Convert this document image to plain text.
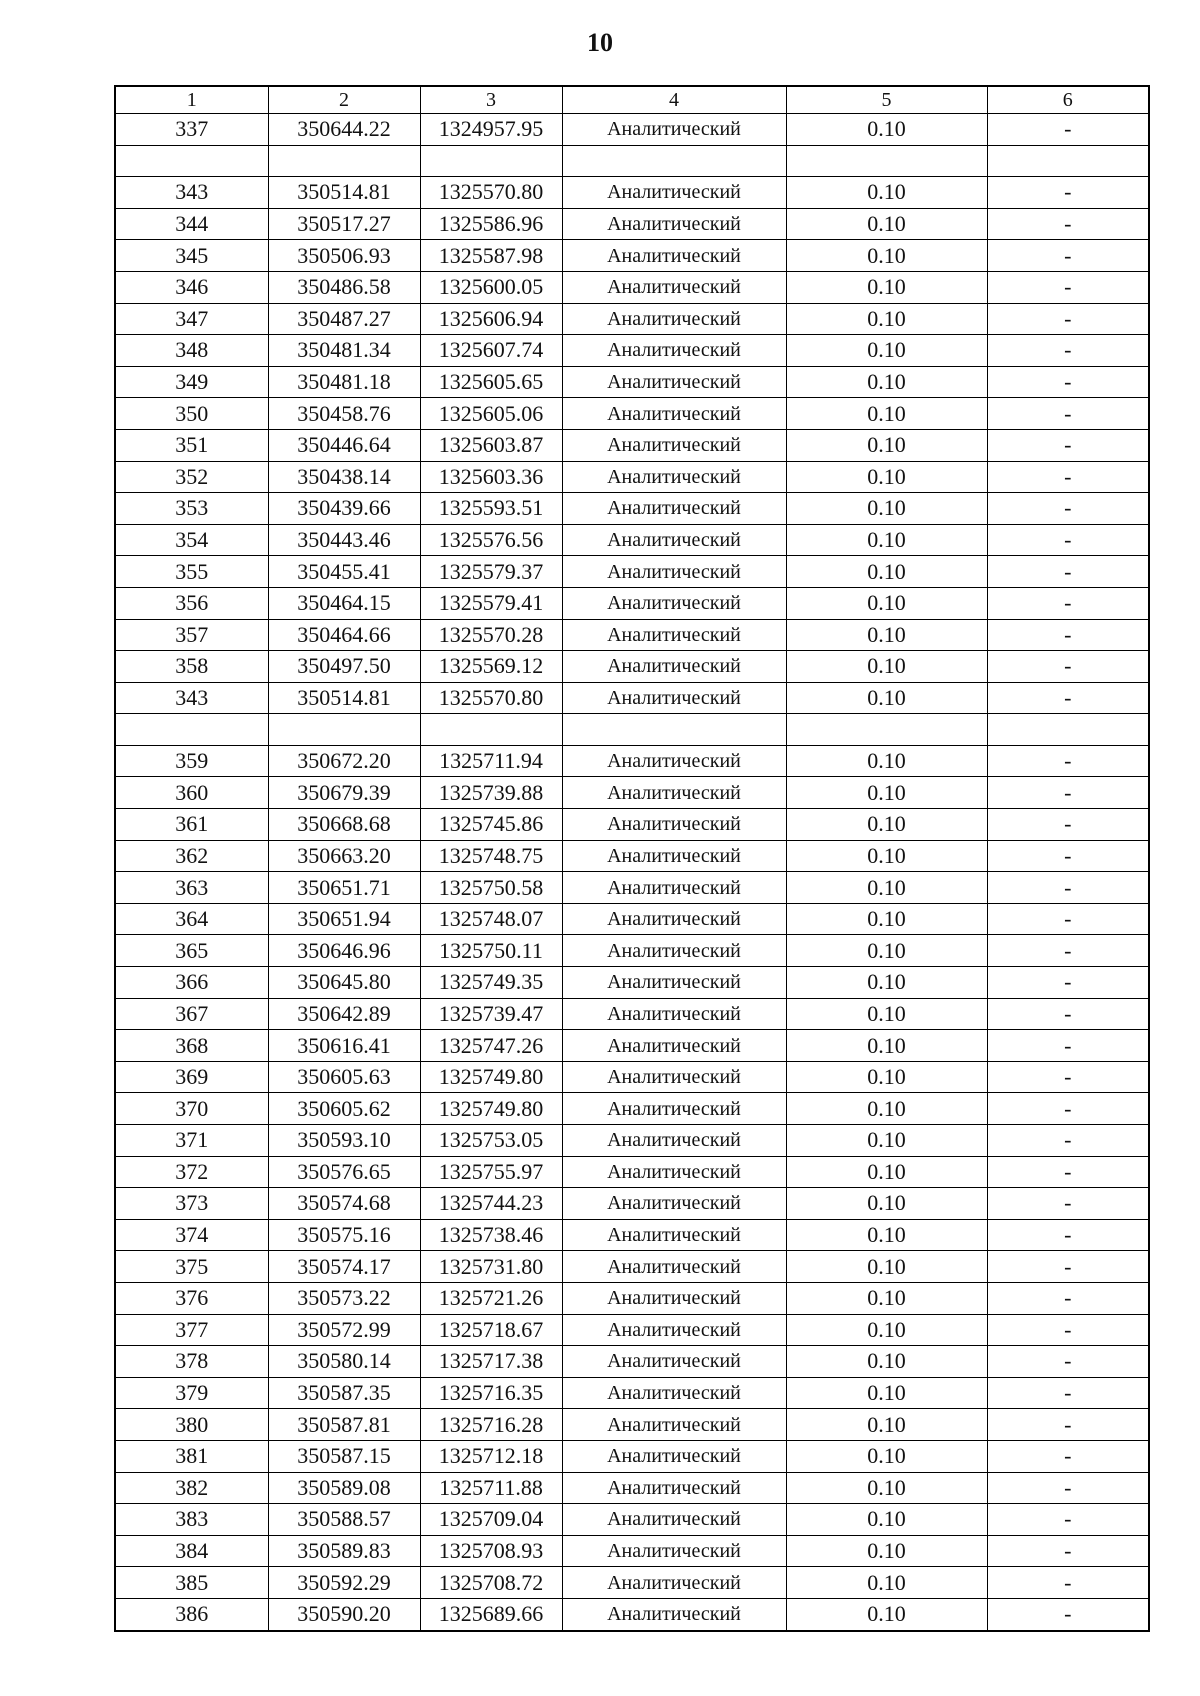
10
1	2	3	4	5	6
337	350644.22	1324957.95	Аналитический	0.10	-

343	350514.81	1325570.80	Аналитический	0.10	-
344	350517.27	1325586.96	Аналитический	0.10	-
345	350506.93	1325587.98	Аналитический	0.10	-
346	350486.58	1325600.05	Аналитический	0.10	-
347	350487.27	1325606.94	Аналитический	0.10	-
348	350481.34	1325607.74	Аналитический	0.10	-
349	350481.18	1325605.65	Аналитический	0.10	-
350	350458.76	1325605.06	Аналитический	0.10	-
351	350446.64	1325603.87	Аналитический	0.10	-
352	350438.14	1325603.36	Аналитический	0.10	-
353	350439.66	1325593.51	Аналитический	0.10	-
354	350443.46	1325576.56	Аналитический	0.10	-
355	350455.41	1325579.37	Аналитический	0.10	-
356	350464.15	1325579.41	Аналитический	0.10	-
357	350464.66	1325570.28	Аналитический	0.10	-
358	350497.50	1325569.12	Аналитический	0.10	-
343	350514.81	1325570.80	Аналитический	0.10	-

359	350672.20	1325711.94	Аналитический	0.10	-
360	350679.39	1325739.88	Аналитический	0.10	-
361	350668.68	1325745.86	Аналитический	0.10	-
362	350663.20	1325748.75	Аналитический	0.10	-
363	350651.71	1325750.58	Аналитический	0.10	-
364	350651.94	1325748.07	Аналитический	0.10	-
365	350646.96	1325750.11	Аналитический	0.10	-
366	350645.80	1325749.35	Аналитический	0.10	-
367	350642.89	1325739.47	Аналитический	0.10	-
368	350616.41	1325747.26	Аналитический	0.10	-
369	350605.63	1325749.80	Аналитический	0.10	-
370	350605.62	1325749.80	Аналитический	0.10	-
371	350593.10	1325753.05	Аналитический	0.10	-
372	350576.65	1325755.97	Аналитический	0.10	-
373	350574.68	1325744.23	Аналитический	0.10	-
374	350575.16	1325738.46	Аналитический	0.10	-
375	350574.17	1325731.80	Аналитический	0.10	-
376	350573.22	1325721.26	Аналитический	0.10	-
377	350572.99	1325718.67	Аналитический	0.10	-
378	350580.14	1325717.38	Аналитический	0.10	-
379	350587.35	1325716.35	Аналитический	0.10	-
380	350587.81	1325716.28	Аналитический	0.10	-
381	350587.15	1325712.18	Аналитический	0.10	-
382	350589.08	1325711.88	Аналитический	0.10	-
383	350588.57	1325709.04	Аналитический	0.10	-
384	350589.83	1325708.93	Аналитический	0.10	-
385	350592.29	1325708.72	Аналитический	0.10	-
386	350590.20	1325689.66	Аналитический	0.10	-
